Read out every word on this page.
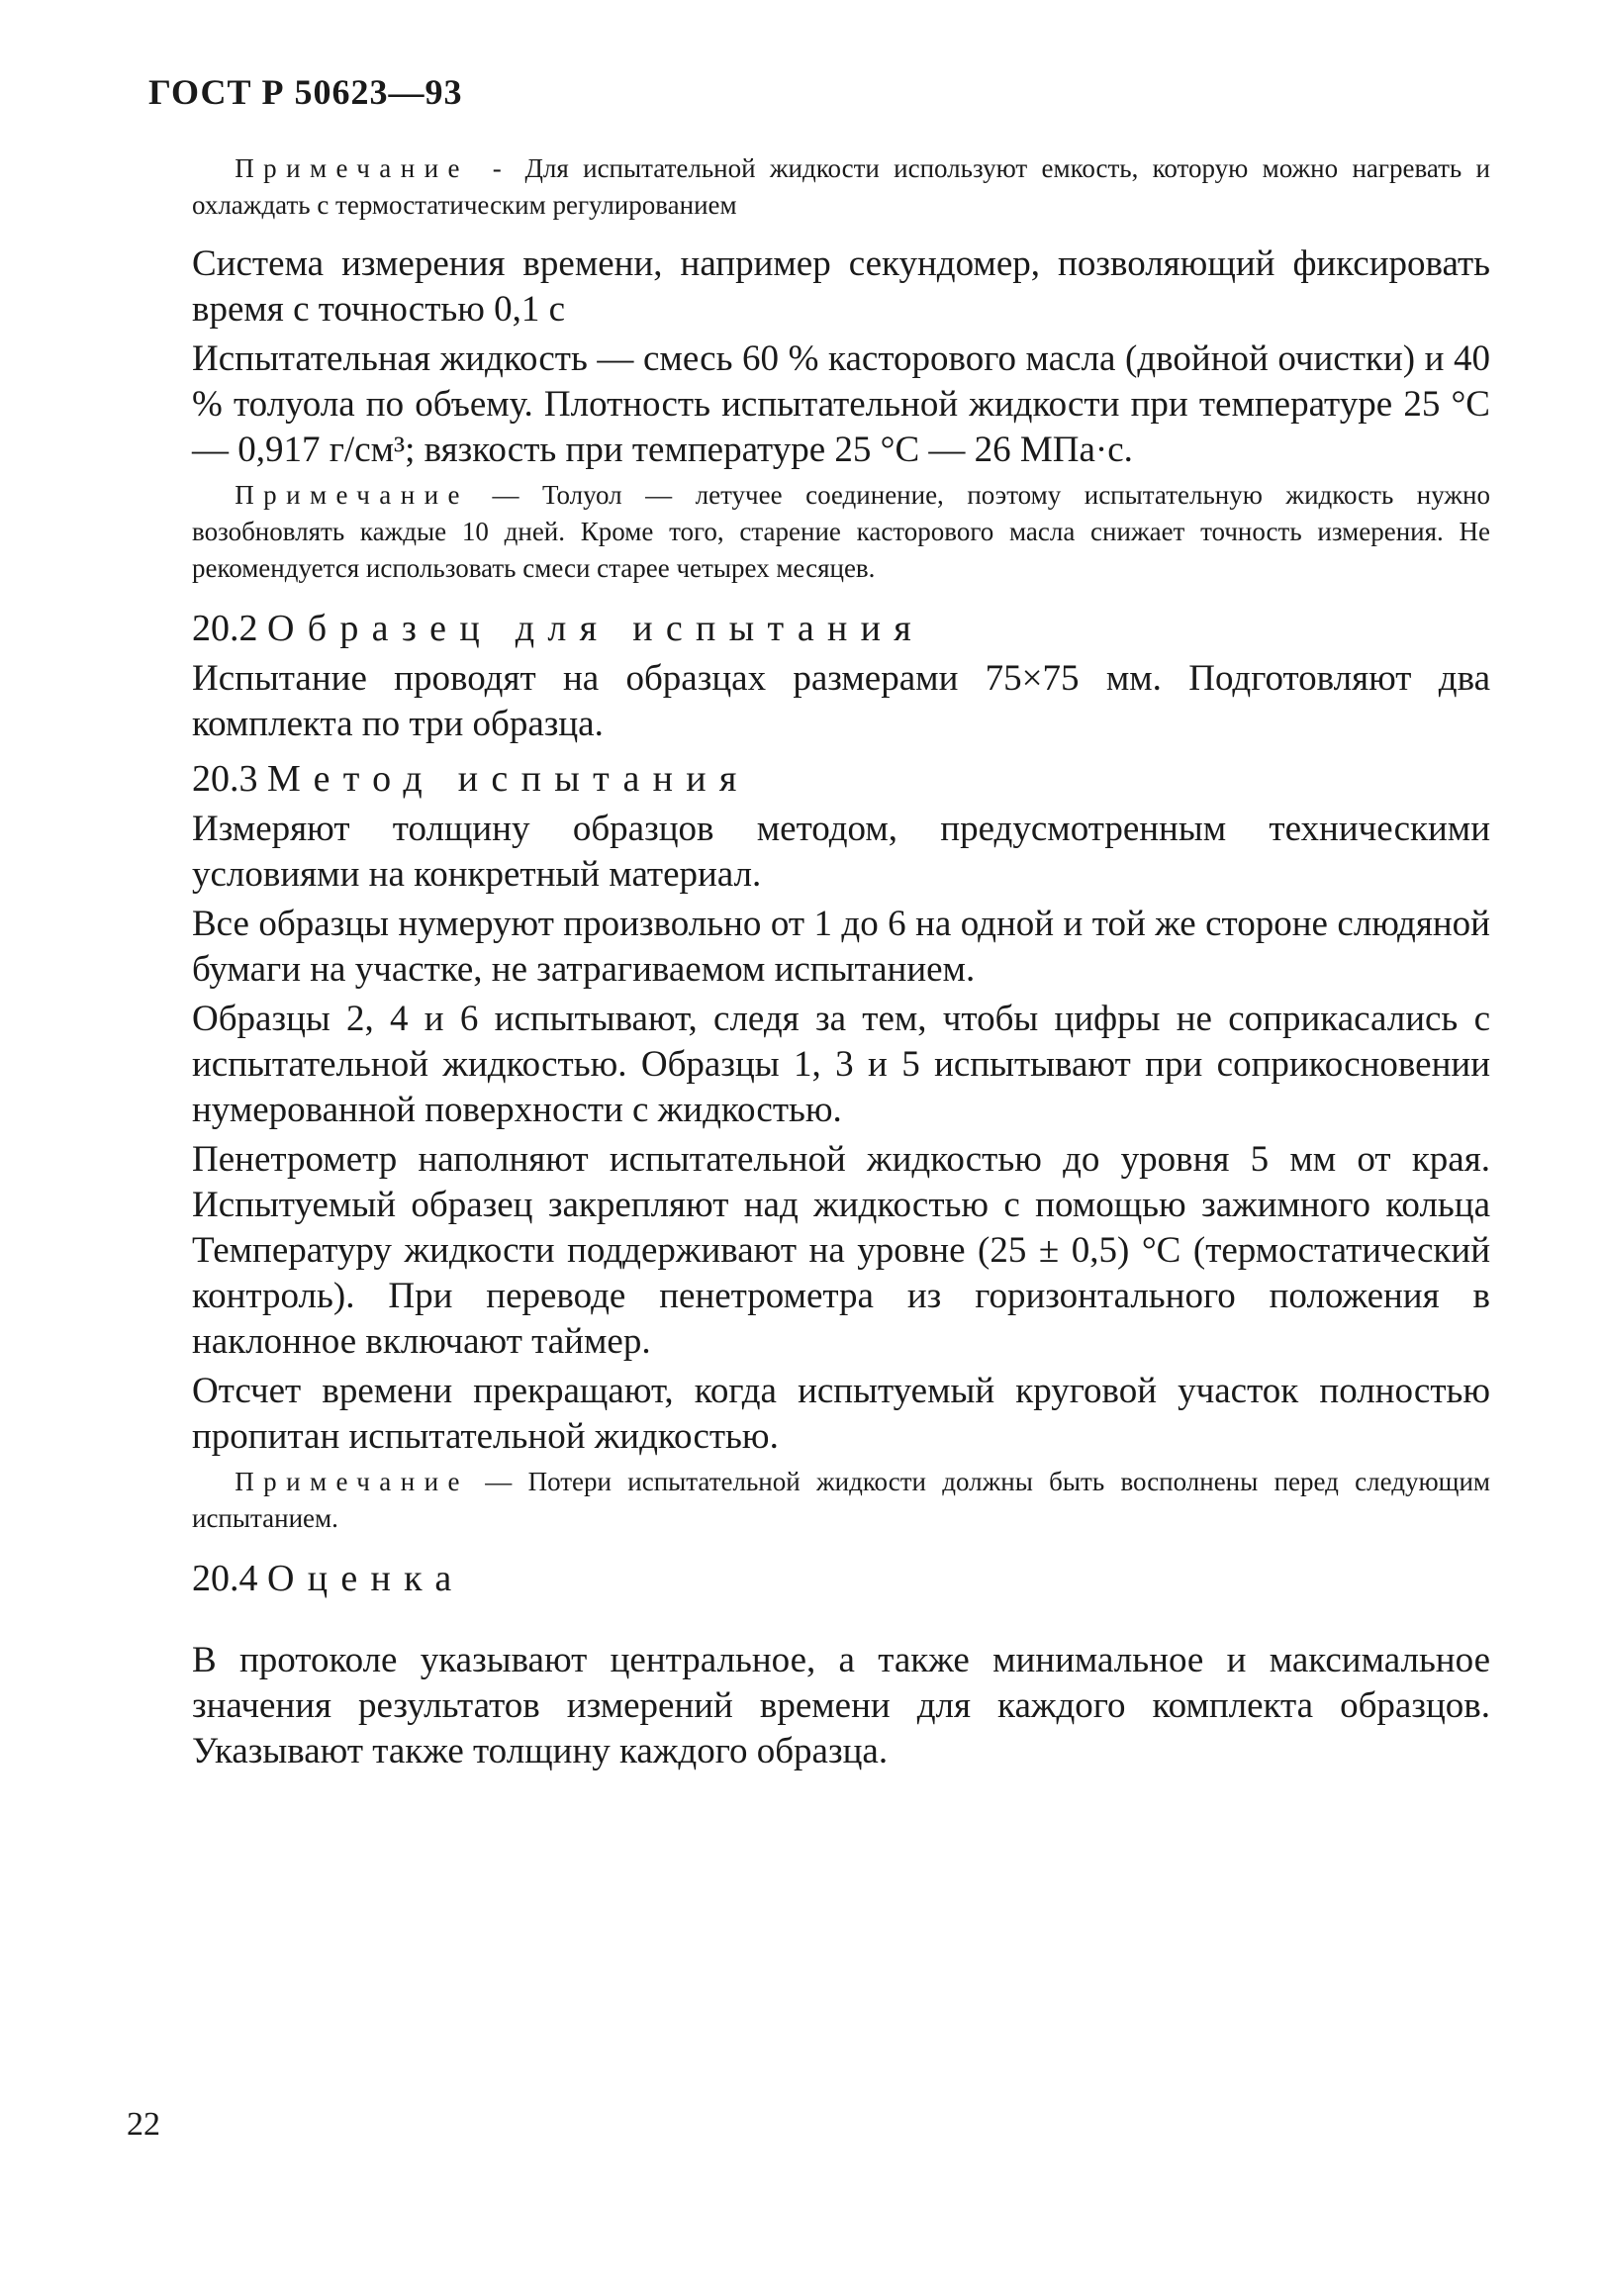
ГОСТ Р 50623—93

Примечание - Для испытательной жидкости используют емкость, которую можно нагревать и охлаждать с термостатическим регулированием

Система измерения времени, например секундомер, позволяющий фиксировать время с точностью 0,1 с

Испытательная жидкость — смесь 60 % касторового масла (двойной очистки) и 40 % толуола по объему. Плотность испытательной жидкости при температуре 25 °С — 0,917 г/см³; вязкость при температуре 25 °С — 26 МПа·с.

Примечание — Толуол — летучее соединение, поэтому испытательную жидкость нужно возобновлять каждые 10 дней. Кроме того, старение касторового масла снижает точность измерения. Не рекомендуется использовать смеси старее четырех месяцев.

20.2 Образец для испытания

Испытание проводят на образцах размерами 75×75 мм. Подготовляют два комплекта по три образца.

20.3 Метод испытания

Измеряют толщину образцов методом, предусмотренным техническими условиями на конкретный материал.

Все образцы нумеруют произвольно от 1 до 6 на одной и той же стороне слюдяной бумаги на участке, не затрагиваемом испытанием.

Образцы 2, 4 и 6 испытывают, следя за тем, чтобы цифры не соприкасались с испытательной жидкостью. Образцы 1, 3 и 5 испытывают при соприкосновении нумерованной поверхности с жидкостью.

Пенетрометр наполняют испытательной жидкостью до уровня 5 мм от края. Испытуемый образец закрепляют над жидкостью с помощью зажимного кольца Температуру жидкости поддерживают на уровне (25 ± 0,5) °С (термостатический контроль). При переводе пенетрометра из горизонтального положения в наклонное включают таймер.

Отсчет времени прекращают, когда испытуемый круговой участок полностью пропитан испытательной жидкостью.

Примечание — Потери испытательной жидкости должны быть восполнены перед следующим испытанием.

20.4 Оценка

В протоколе указывают центральное, а также минимальное и максимальное значения результатов измерений времени для каждого комплекта образцов. Указывают также толщину каждого образца.

22
